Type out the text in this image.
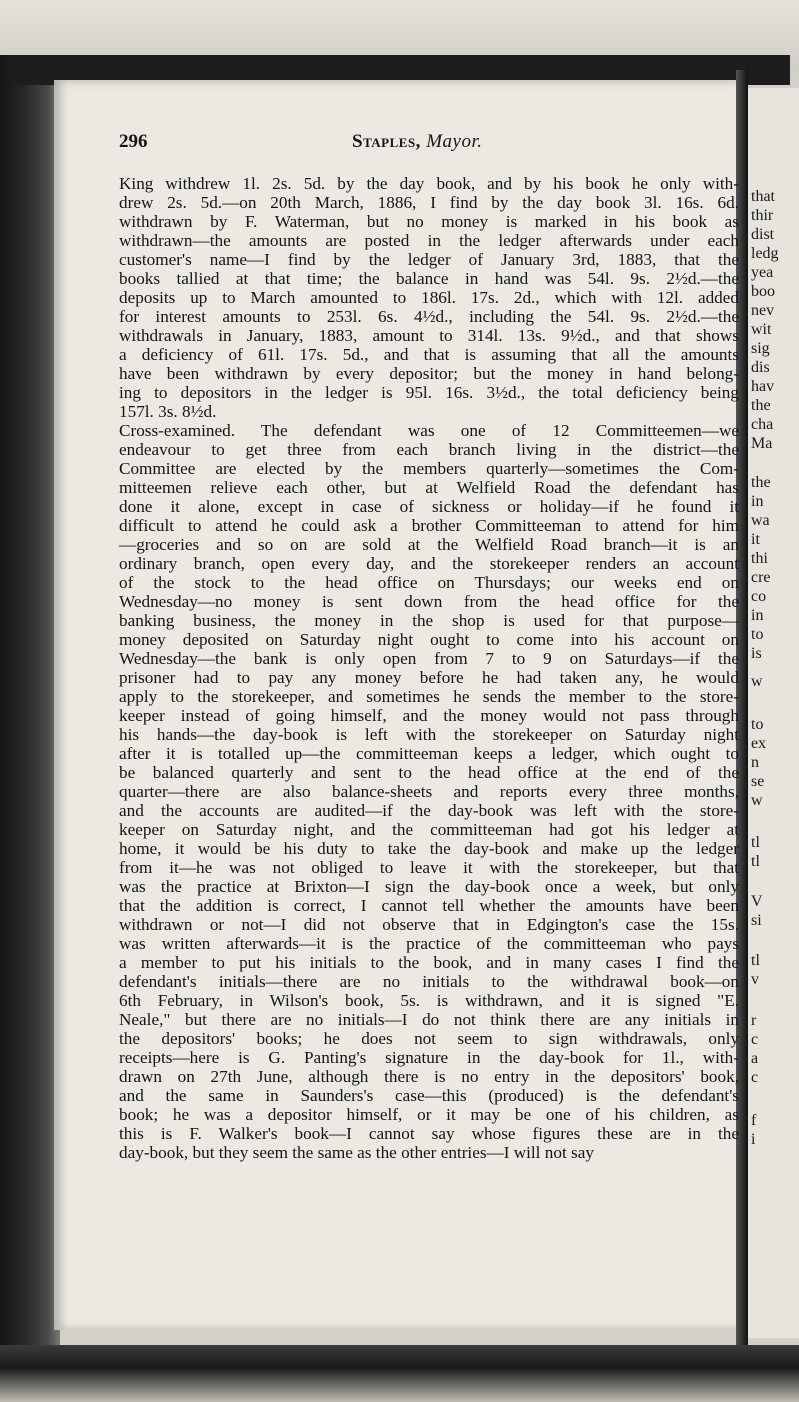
that
thir
dist
ledg
yea
boo
nev
wit
sig
dis
hav
the
cha
Ma
the
in
wa
it
thi
cre
co
in
to
is
w
to
ex
n
se
w
tl
tl
V
si
tl
v
r
c
a
c
f
i
296	Staples, Mayor.
King withdrew 1l. 2s. 5d. by the day book, and by his book he only with-
drew 2s. 5d.—on 20th March, 1886, I find by the day book 3l. 16s. 6d.
withdrawn by F. Waterman, but no money is marked in his book as
withdrawn—the amounts are posted in the ledger afterwards under each
customer's name—I find by the ledger of January 3rd, 1883, that the
books tallied at that time; the balance in hand was 54l. 9s. 2½d.—the
deposits up to March amounted to 186l. 17s. 2d., which with 12l. added
for interest amounts to 253l. 6s. 4½d., including the 54l. 9s. 2½d.—the
withdrawals in January, 1883, amount to 314l. 13s. 9½d., and that shows
a deficiency of 61l. 17s. 5d., and that is assuming that all the amounts
have been withdrawn by every depositor; but the money in hand belong-
ing to depositors in the ledger is 95l. 16s. 3½d., the total deficiency being
157l. 3s. 8½d.
Cross-examined. The defendant was one of 12 Committeemen—we
endeavour to get three from each branch living in the district—the
Committee are elected by the members quarterly—sometimes the Com-
mitteemen relieve each other, but at Welfield Road the defendant has
done it alone, except in case of sickness or holiday—if he found it
difficult to attend he could ask a brother Committeeman to attend for him
—groceries and so on are sold at the Welfield Road branch—it is an
ordinary branch, open every day, and the storekeeper renders an account
of the stock to the head office on Thursdays; our weeks end on
Wednesday—no money is sent down from the head office for the
banking business, the money in the shop is used for that purpose—
money deposited on Saturday night ought to come into his account on
Wednesday—the bank is only open from 7 to 9 on Saturdays—if the
prisoner had to pay any money before he had taken any, he would
apply to the storekeeper, and sometimes he sends the member to the store-
keeper instead of going himself, and the money would not pass through
his hands—the day-book is left with the storekeeper on Saturday night
after it is totalled up—the committeeman keeps a ledger, which ought to
be balanced quarterly and sent to the head office at the end of the
quarter—there are also balance-sheets and reports every three months,
and the accounts are audited—if the day-book was left with the store-
keeper on Saturday night, and the committeeman had got his ledger at
home, it would be his duty to take the day-book and make up the ledger
from it—he was not obliged to leave it with the storekeeper, but that
was the practice at Brixton—I sign the day-book once a week, but only
that the addition is correct, I cannot tell whether the amounts have been
withdrawn or not—I did not observe that in Edgington's case the 15s.
was written afterwards—it is the practice of the committeeman who pays
a member to put his initials to the book, and in many cases I find the
defendant's initials—there are no initials to the withdrawal book—on
6th February, in Wilson's book, 5s. is withdrawn, and it is signed "E.
Neale," but there are no initials—I do not think there are any initials in
the depositors' books; he does not seem to sign withdrawals, only
receipts—here is G. Panting's signature in the day-book for 1l., with-
drawn on 27th June, although there is no entry in the depositors' book,
and the same in Saunders's case—this (produced) is the defendant's
book; he was a depositor himself, or it may be one of his children, as
this is F. Walker's book—I cannot say whose figures these are in the
day-book, but they seem the same as the other entries—I will not say
